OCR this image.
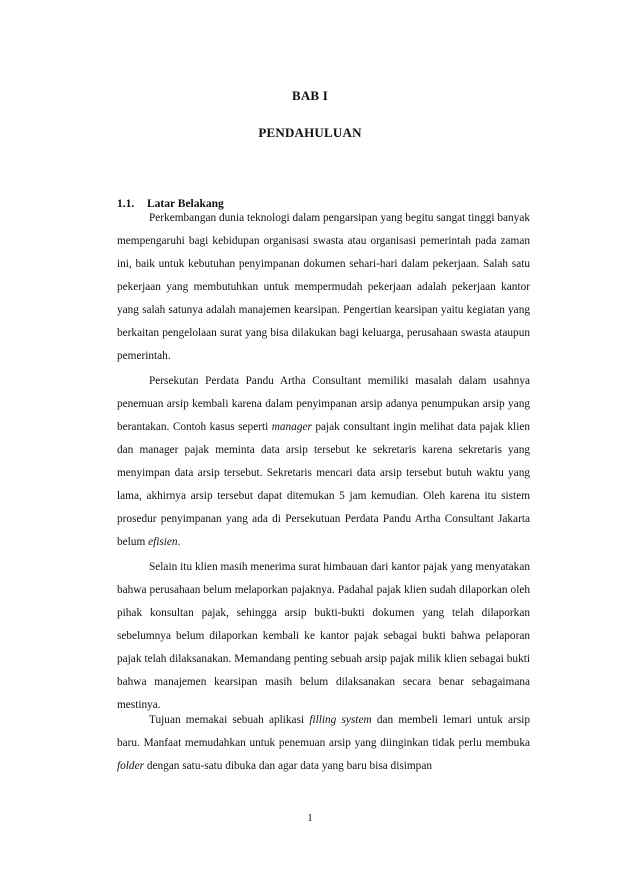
BAB I
PENDAHULUAN
1.1. Latar Belakang

Perkembangan dunia teknologi dalam pengarsipan yang begitu sangat tinggi banyak mempengaruhi bagi kebidupan organisasi swasta atau organisasi pemerintah pada zaman ini, baik untuk kebutuhan penyimpanan dokumen sehari-hari dalam pekerjaan. Salah satu pekerjaan yang membutuhkan untuk mempermudah pekerjaan adalah pekerjaan kantor yang salah satunya adalah manajemen kearsipan. Pengertian kearsipan yaitu kegiatan yang berkaitan pengelolaan surat yang bisa dilakukan bagi keluarga, perusahaan swasta ataupun pemerintah.

Persekutan Perdata Pandu Artha Consultant memiliki masalah dalam usahnya penemuan arsip kembali karena dalam penyimpanan arsip adanya penumpukan arsip yang berantakan. Contoh kasus seperti manager pajak consultant ingin melihat data pajak klien dan manager pajak meminta data arsip tersebut ke sekretaris karena sekretaris yang menyimpan data arsip tersebut. Sekretaris mencari data arsip tersebut butuh waktu yang lama, akhirnya arsip tersebut dapat ditemukan 5 jam kemudian. Oleh karena itu sistem prosedur penyimpanan yang ada di Persekutuan Perdata Pandu Artha Consultant Jakarta belum efisien.

Selain itu klien masih menerima surat himbauan dari kantor pajak yang menyatakan bahwa perusahaan belum melaporkan pajaknya. Padahal pajak klien sudah dilaporkan oleh pihak konsultan pajak, sehingga arsip bukti-bukti dokumen yang telah dilaporkan sebelumnya belum dilaporkan kembali ke kantor pajak sebagai bukti bahwa pelaporan pajak telah dilaksanakan. Memandang penting sebuah arsip pajak milik klien sebagai bukti bahwa manajemen kearsipan masih belum dilaksanakan secara benar sebagaimana mestinya.

Tujuan memakai sebuah aplikasi filling system dan membeli lemari untuk arsip baru. Manfaat memudahkan untuk penemuan arsip yang diinginkan tidak perlu membuka folder dengan satu-satu dibuka dan agar data yang baru bisa disimpan

1
